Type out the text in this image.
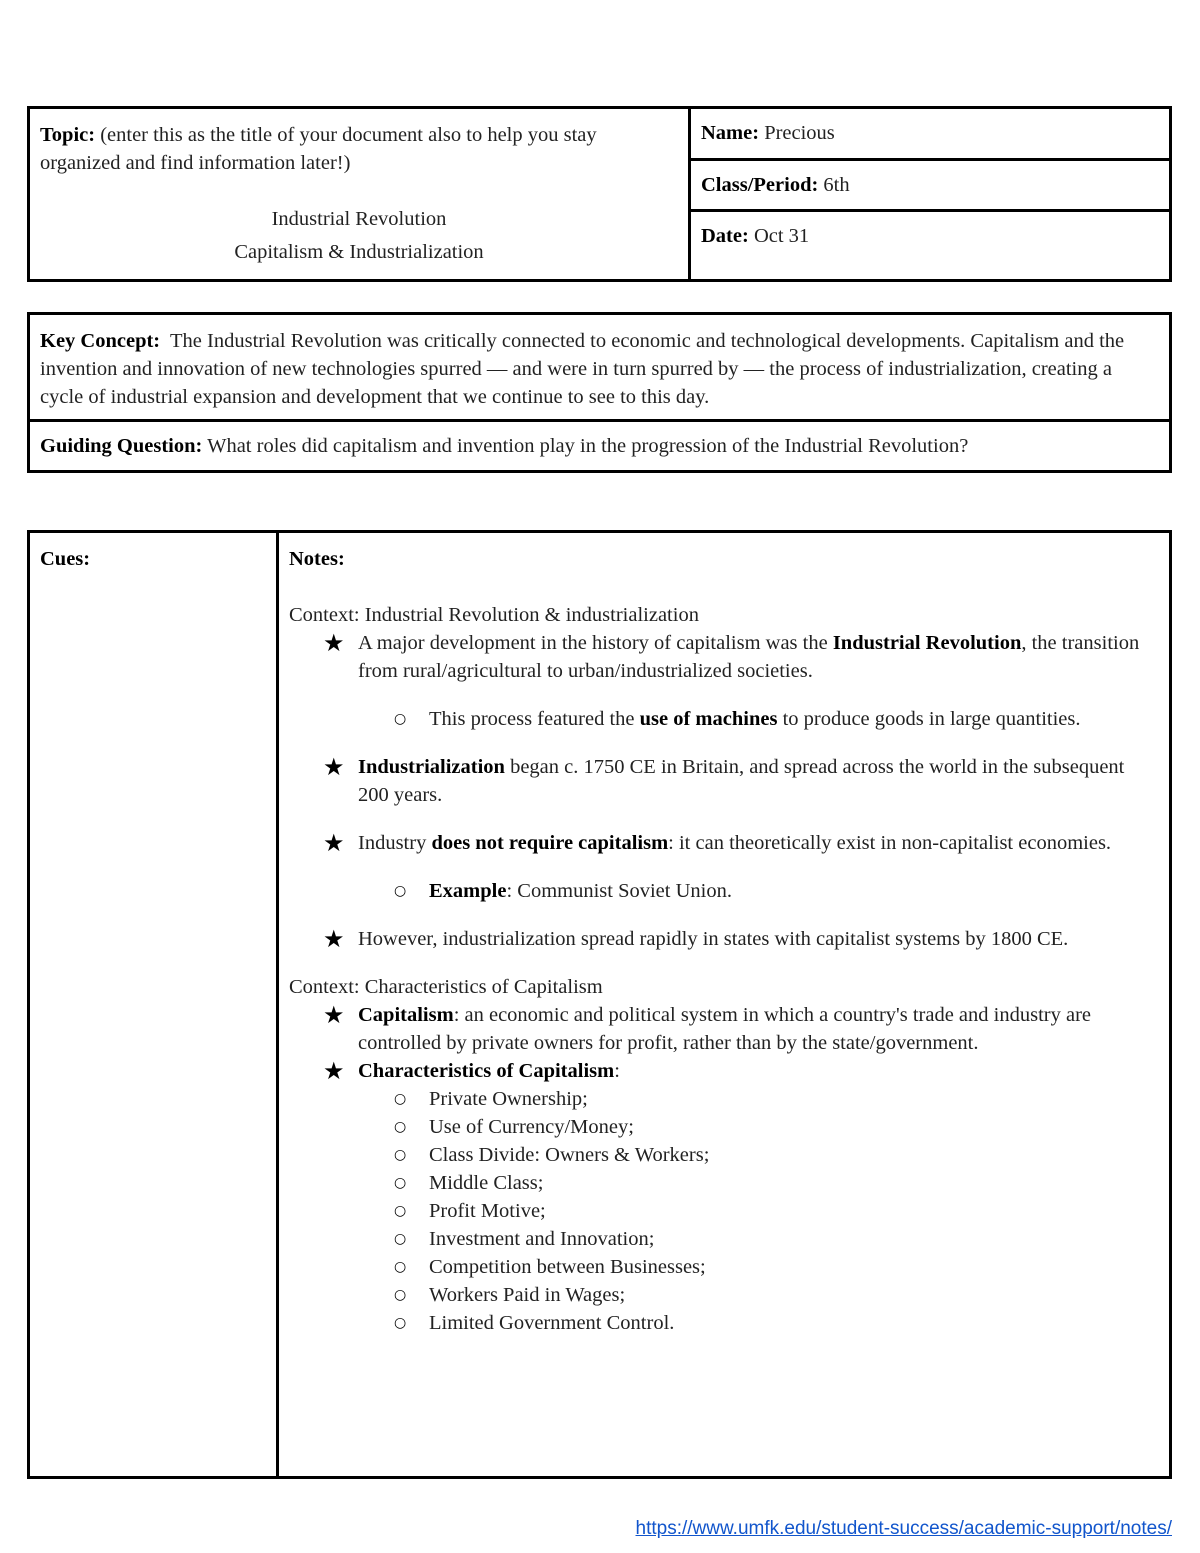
Topic: (enter this as the title of your document also to help you stay organized and find information later!)
Industrial Revolution
Capitalism & Industrialization
	Name: Precious
Class/Period: 6th
Date: Oct 31
Key Concept: The Industrial Revolution was critically connected to economic and technological developments. Capitalism and the invention and innovation of new technologies spurred — and were in turn spurred by — the process of industrialization, creating a cycle of industrial expansion and development that we continue to see to this day.
Guiding Question: What roles did capitalism and invention play in the progression of the Industrial Revolution?
Cues:	Notes:

Context: Industrial Revolution & industrialization

★ A major development in the history of capitalism was the Industrial Revolution, the transition from rural/agricultural to urban/industrialized societies.
○ This process featured the use of machines to produce goods in large quantities.
★ Industrialization began c. 1750 CE in Britain, and spread across the world in the subsequent 200 years.
★ Industry does not require capitalism: it can theoretically exist in non-capitalist economies.
○ Example: Communist Soviet Union.
★ However, industrialization spread rapidly in states with capitalist systems by 1800 CE.

Context: Characteristics of Capitalism

★ Capitalism: an economic and political system in which a country's trade and industry are controlled by private owners for profit, rather than by the state/government.
★ Characteristics of Capitalism:
○ Private Ownership;
○ Use of Currency/Money;
○ Class Divide: Owners & Workers;
○ Middle Class;
○ Profit Motive;
○ Investment and Innovation;
○ Competition between Businesses;
○ Workers Paid in Wages;
○ Limited Government Control.
https://www.umfk.edu/student-success/academic-support/notes/
